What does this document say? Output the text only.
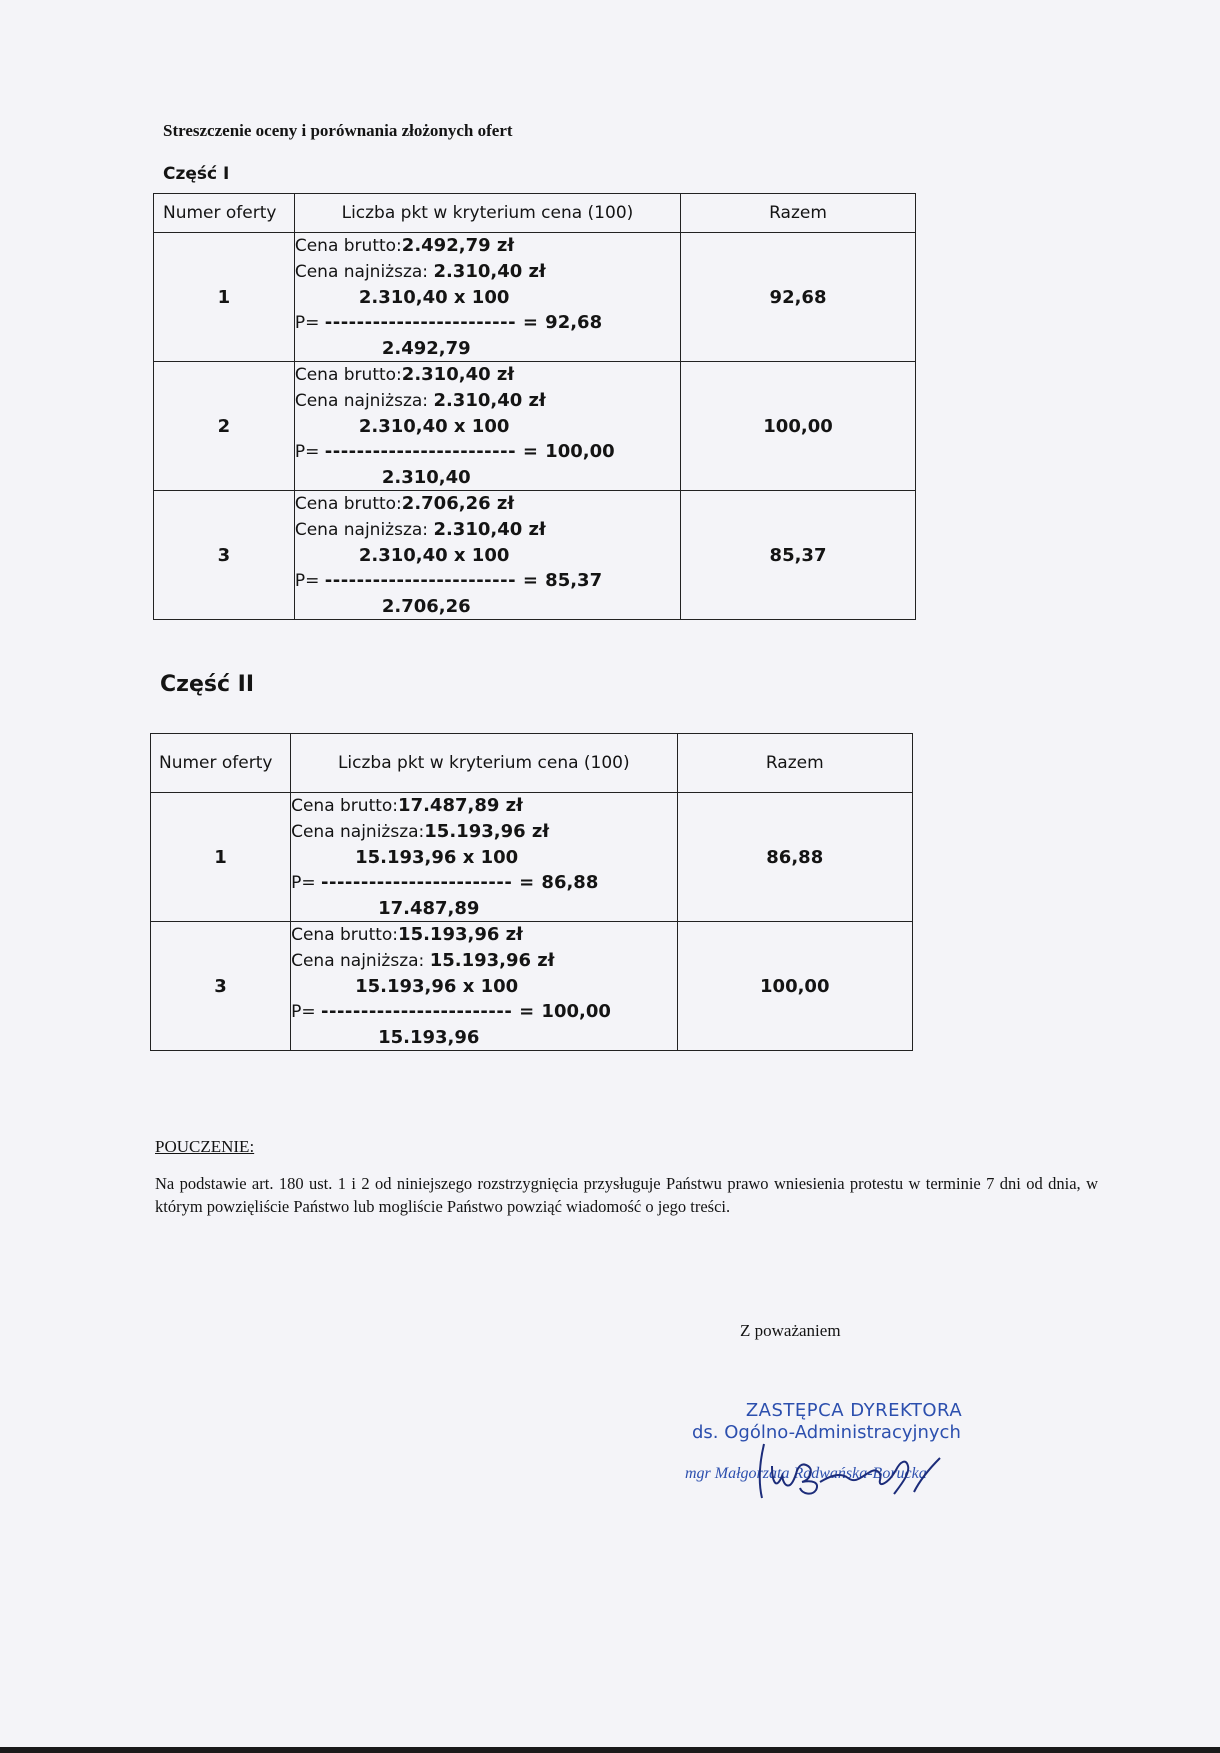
Streszczenie oceny i porównania złożonych ofert
Część I
Numer oferty	Liczba pkt w kryterium cena (100)	Razem
1	Cena brutto:2.492,79 zł
Cena najniższa: 2.310,40 zł
2.310,40 x 100
P= ------------------------ = 92,68
2.492,79	92,68
2	Cena brutto:2.310,40 zł
Cena najniższa: 2.310,40 zł
2.310,40 x 100
P= ------------------------ = 100,00
2.310,40	100,00
3	Cena brutto:2.706,26 zł
Cena najniższa: 2.310,40 zł
2.310,40 x 100
P= ------------------------ = 85,37
2.706,26	85,37
Część II
Numer oferty	Liczba pkt w kryterium cena (100)	Razem
1	Cena brutto:17.487,89 zł
Cena najniższa:15.193,96 zł
15.193,96 x 100
P= ------------------------ = 86,88
17.487,89	86,88
3	Cena brutto:15.193,96 zł
Cena najniższa: 15.193,96 zł
15.193,96 x 100
P= ------------------------ = 100,00
15.193,96	100,00
POUCZENIE:
Na podstawie art. 180 ust. 1 i 2 od niniejszego rozstrzygnięcia przysługuje Państwu prawo wniesienia protestu w terminie 7 dni od dnia, w którym powzięliście Państwo lub mogliście Państwo powziąć wiadomość o jego treści.
Z poważaniem
ZASTĘPCA DYREKTORA
ds. Ogólno-Administracyjnych
mgr Małgorzata Radwańska-Borucka
